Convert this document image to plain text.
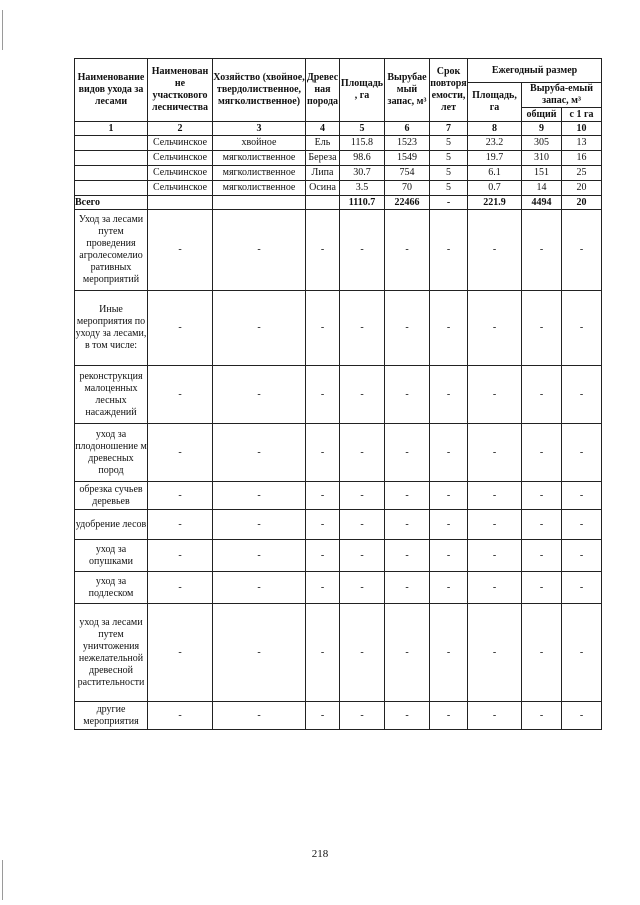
Наименование видов ухода за лесами	Наименован не участкового лесничества	Хозяйство (хвойное, твердолиственное, мягколиственное)	Древес ная порода	Площадь , га	Вырубае мый запас, м³	Срок повторя емости, лет	Ежегодный размер		
							Площадь, га	Выруба-емый запас, м³	
								общий	с 1 га
1	2	3	4	5	6	7	8	9	10
	Сельчинское	хвойное	Ель	115.8	1523	5	23.2	305	13
	Сельчинское	мягколиственное	Береза	98.6	1549	5	19.7	310	16
	Сельчинское	мягколиственное	Липа	30.7	754	5	6.1	151	25
	Сельчинское	мягколиственное	Осина	3.5	70	5	0.7	14	20
Всего				1110.7	22466	-	221.9	4494	20
Уход за лесами путем проведения агролесомелио ративных мероприятий	-	-	-	-	-	-	-	-	-
Иные мероприятия по уходу за лесами, в том числе:	-	-	-	-	-	-	-	-	-
реконструкция малоценных лесных насаждений	-	-	-	-	-	-	-	-	-
уход за плодоношение м древесных пород	-	-	-	-	-	-	-	-	-
обрезка сучьев деревьев	-	-	-	-	-	-	-	-	-
удобрение лесов	-	-	-	-	-	-	-	-	-
уход за опушками	-	-	-	-	-	-	-	-	-
уход за подлеском	-	-	-	-	-	-	-	-	-
уход за лесами путем уничтожения нежелательной древесной растительности	-	-	-	-	-	-	-	-	-
другие мероприятия	-	-	-	-	-	-	-	-	-
218
